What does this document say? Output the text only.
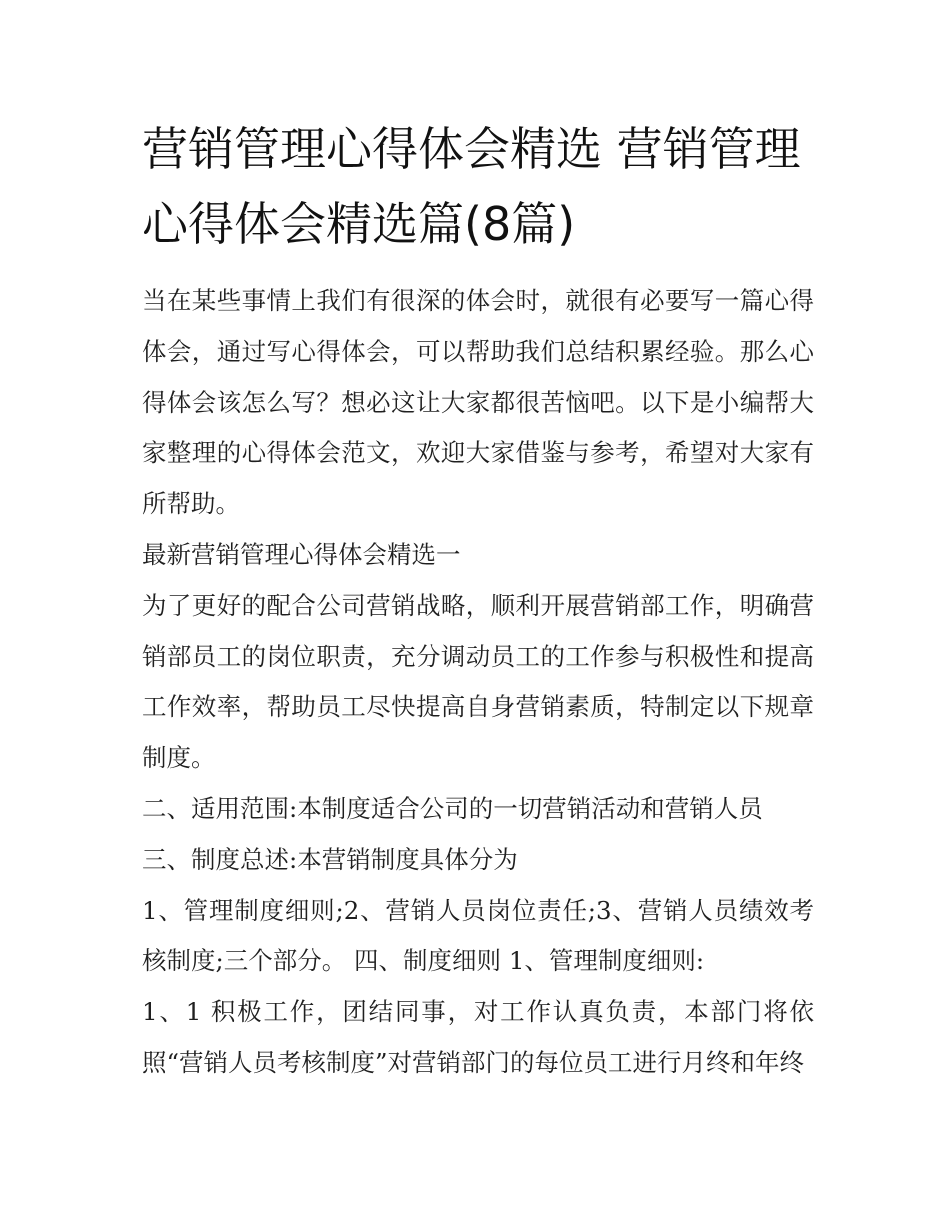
营销管理心得体会精选 营销管理心得体会精选篇(8篇)

当在某些事情上我们有很深的体会时，就很有必要写一篇心得体会，通过写心得体会，可以帮助我们总结积累经验。那么心得体会该怎么写？想必这让大家都很苦恼吧。以下是小编帮大家整理的心得体会范文，欢迎大家借鉴与参考，希望对大家有所帮助。

最新营销管理心得体会精选一

为了更好的配合公司营销战略，顺利开展营销部工作，明确营销部员工的岗位职责，充分调动员工的工作参与积极性和提高工作效率，帮助员工尽快提高自身营销素质，特制定以下规章制度。

二、适用范围:本制度适合公司的一切营销活动和营销人员

三、制度总述:本营销制度具体分为

1、管理制度细则;2、营销人员岗位责任;3、营销人员绩效考核制度;三个部分。 四、制度细则 1、管理制度细则:

1、1 积极工作，团结同事，对工作认真负责，本部门将依照“营销人员考核制度”对营销部门的每位员工进行月终和年终
